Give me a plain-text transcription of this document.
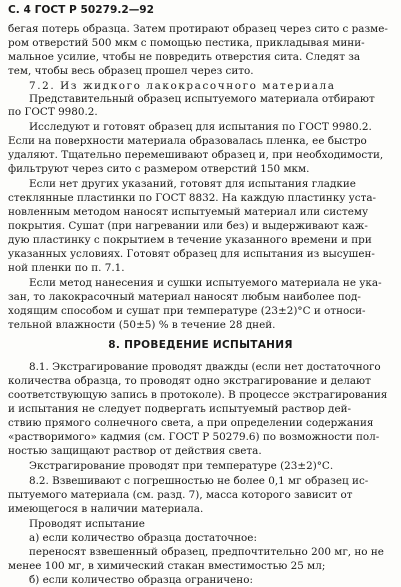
С. 4 ГОСТ Р 50279.2—92
бегая потерь образца. Затем протирают образец через сито с разме-
ром отверстий 500 мкм с помощью пестика, прикладывая мини-
мальное усилие, чтобы не повредить отверстия сита. Следят за
тем, чтобы весь образец прошел через сито.
7.2. Из жидкого лакокрасочного материала
Представительный образец испытуемого материала отбирают
по ГОСТ 9980.2.
Исследуют и готовят образец для испытания по ГОСТ 9980.2.
Если на поверхности материала образовалась пленка, ее быстро
удаляют. Тщательно перемешивают образец и, при необходимости,
фильтруют через сито с размером отверстий 150 мкм.
Если нет других указаний, готовят для испытания гладкие
стеклянные пластинки по ГОСТ 8832. На каждую пластинку уста-
новленным методом наносят испытуемый материал или систему
покрытия. Сушат (при нагревании или без) и выдерживают каж-
дую пластинку с покрытием в течение указанного времени и при
указанных условиях. Готовят образец для испытания из высушен-
ной пленки по п. 7.1.
Если метод нанесения и сушки испытуемого материала не ука-
зан, то лакокрасочный материал наносят любым наиболее под-
ходящим способом и сушат при температуре (23±2)°С и относи-
тельной влажности (50±5) % в течение 28 дней.
8.1. Экстрагирование проводят дважды (если нет достаточного
количества образца, то проводят одно экстрагирование и делают
соответствующую запись в протоколе). В процессе экстрагирования
и испытания не следует подвергать испытуемый раствор дей-
ствию прямого солнечного света, а при определении содержания
«растворимого» кадмия (см. ГОСТ Р 50279.6) по возможности пол-
ностью защищают раствор от действия света.
Экстрагирование проводят при температуре (23±2)°С.
8.2. Взвешивают с погрешностью не более 0,1 мг образец ис-
пытуемого материала (см. разд. 7), масса которого зависит от
имеющегося в наличии материала.
Проводят испытание
а) если количество образца достаточное:
переносят взвешенный образец, предпочтительно 200 мг, но не
менее 100 мг, в химический стакан вместимостью 25 мл;
б) если количество образца ограничено:
8. ПРОВЕДЕНИЕ ИСПЫТАНИЯ
